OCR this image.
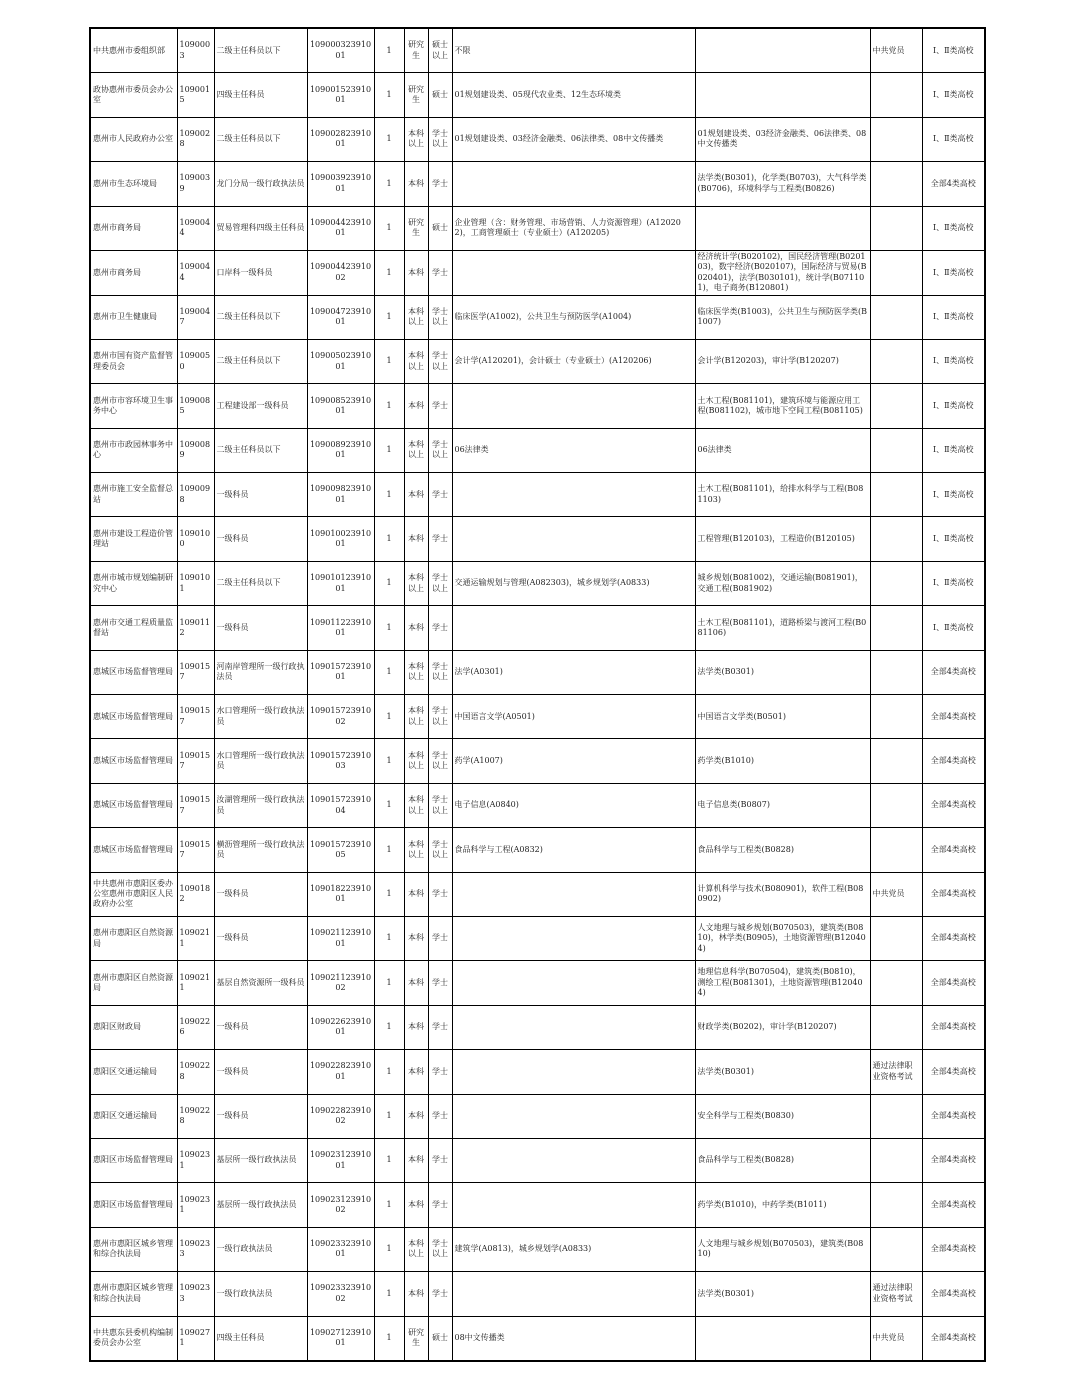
中共惠州市委组织部	1090003	二级主任科员以下	10900032391001	1	研究生	硕士以上	不限		中共党员	Ⅰ、Ⅱ类高校
政协惠州市委员会办公室	1090015	四级主任科员	10900152391001	1	研究生	硕士	01规划建设类、05现代农业类、12生态环境类			Ⅰ、Ⅱ类高校
惠州市人民政府办公室	1090028	二级主任科员以下	10900282391001	1	本科以上	学士以上	01规划建设类、03经济金融类、06法律类、08中文传播类	01规划建设类、03经济金融类、06法律类、08中文传播类		Ⅰ、Ⅱ类高校
惠州市生态环境局	1090039	龙门分局一级行政执法员	10900392391001	1	本科	学士		法学类(B0301)，化学类(B0703)，大气科学类(B0706)，环境科学与工程类(B0826)		全部4类高校
惠州市商务局	1090044	贸易管理科四级主任科员	10900442391001	1	研究生	硕士	企业管理（含：财务管理、市场营销、人力资源管理）(A120202)，工商管理硕士（专业硕士）(A120205)			Ⅰ、Ⅱ类高校
惠州市商务局	1090044	口岸科一级科员	10900442391002	1	本科	学士		经济统计学(B020102)，国民经济管理(B020103)，数字经济(B020107)，国际经济与贸易(B020401)，法学(B030101)，统计学(B071101)，电子商务(B120801)		Ⅰ、Ⅱ类高校
惠州市卫生健康局	1090047	二级主任科员以下	10900472391001	1	本科以上	学士以上	临床医学(A1002)，公共卫生与预防医学(A1004)	临床医学类(B1003)，公共卫生与预防医学类(B1007)		Ⅰ、Ⅱ类高校
惠州市国有资产监督管理委员会	1090050	二级主任科员以下	10900502391001	1	本科以上	学士以上	会计学(A120201)，会计硕士（专业硕士）(A120206)	会计学(B120203)，审计学(B120207)		Ⅰ、Ⅱ类高校
惠州市市容环境卫生事务中心	1090085	工程建设部一级科员	10900852391001	1	本科	学士		土木工程(B081101)，建筑环境与能源应用工程(B081102)，城市地下空间工程(B081105)		Ⅰ、Ⅱ类高校
惠州市市政园林事务中心	1090089	二级主任科员以下	10900892391001	1	本科以上	学士以上	06法律类	06法律类		Ⅰ、Ⅱ类高校
惠州市施工安全监督总站	1090098	一级科员	10900982391001	1	本科	学士		土木工程(B081101)，给排水科学与工程(B081103)		Ⅰ、Ⅱ类高校
惠州市建设工程造价管理站	1090100	一级科员	10901002391001	1	本科	学士		工程管理(B120103)，工程造价(B120105)		Ⅰ、Ⅱ类高校
惠州市城市规划编制研究中心	1090101	二级主任科员以下	10901012391001	1	本科以上	学士以上	交通运输规划与管理(A082303)，城乡规划学(A0833)	城乡规划(B081002)，交通运输(B081901)，交通工程(B081902)		Ⅰ、Ⅱ类高校
惠州市交通工程质量监督站	1090112	一级科员	10901122391001	1	本科	学士		土木工程(B081101)，道路桥梁与渡河工程(B081106)		Ⅰ、Ⅱ类高校
惠城区市场监督管理局	1090157	河南岸管理所一级行政执法员	10901572391001	1	本科以上	学士以上	法学(A0301)	法学类(B0301)		全部4类高校
惠城区市场监督管理局	1090157	水口管理所一级行政执法员	10901572391002	1	本科以上	学士以上	中国语言文学(A0501)	中国语言文学类(B0501)		全部4类高校
惠城区市场监督管理局	1090157	水口管理所一级行政执法员	10901572391003	1	本科以上	学士以上	药学(A1007)	药学类(B1010)		全部4类高校
惠城区市场监督管理局	1090157	汝湖管理所一级行政执法员	10901572391004	1	本科以上	学士以上	电子信息(A0840)	电子信息类(B0807)		全部4类高校
惠城区市场监督管理局	1090157	横沥管理所一级行政执法员	10901572391005	1	本科以上	学士以上	食品科学与工程(A0832)	食品科学与工程类(B0828)		全部4类高校
中共惠州市惠阳区委办公室惠州市惠阳区人民政府办公室	1090182	一级科员	10901822391001	1	本科	学士		计算机科学与技术(B080901)，软件工程(B080902)	中共党员	全部4类高校
惠州市惠阳区自然资源局	1090211	一级科员	10902112391001	1	本科	学士		人文地理与城乡规划(B070503)，建筑类(B0810)，林学类(B0905)，土地资源管理(B120404)		全部4类高校
惠州市惠阳区自然资源局	1090211	基层自然资源所一级科员	10902112391002	1	本科	学士		地理信息科学(B070504)，建筑类(B0810)，测绘工程(B081301)，土地资源管理(B120404)		全部4类高校
惠阳区财政局	1090226	一级科员	10902262391001	1	本科	学士		财政学类(B0202)，审计学(B120207)		全部4类高校
惠阳区交通运输局	1090228	一级科员	10902282391001	1	本科	学士		法学类(B0301)	通过法律职业资格考试	全部4类高校
惠阳区交通运输局	1090228	一级科员	10902282391002	1	本科	学士		安全科学与工程类(B0830)		全部4类高校
惠阳区市场监督管理局	1090231	基层所一级行政执法员	10902312391001	1	本科	学士		食品科学与工程类(B0828)		全部4类高校
惠阳区市场监督管理局	1090231	基层所一级行政执法员	10902312391002	1	本科	学士		药学类(B1010)，中药学类(B1011)		全部4类高校
惠州市惠阳区城乡管理和综合执法局	1090233	一级行政执法员	10902332391001	1	本科以上	学士以上	建筑学(A0813)，城乡规划学(A0833)	人文地理与城乡规划(B070503)，建筑类(B0810)		全部4类高校
惠州市惠阳区城乡管理和综合执法局	1090233	一级行政执法员	10902332391002	1	本科	学士		法学类(B0301)	通过法律职业资格考试	全部4类高校
中共惠东县委机构编制委员会办公室	1090271	四级主任科员	10902712391001	1	研究生	硕士	08中文传播类		中共党员	全部4类高校
